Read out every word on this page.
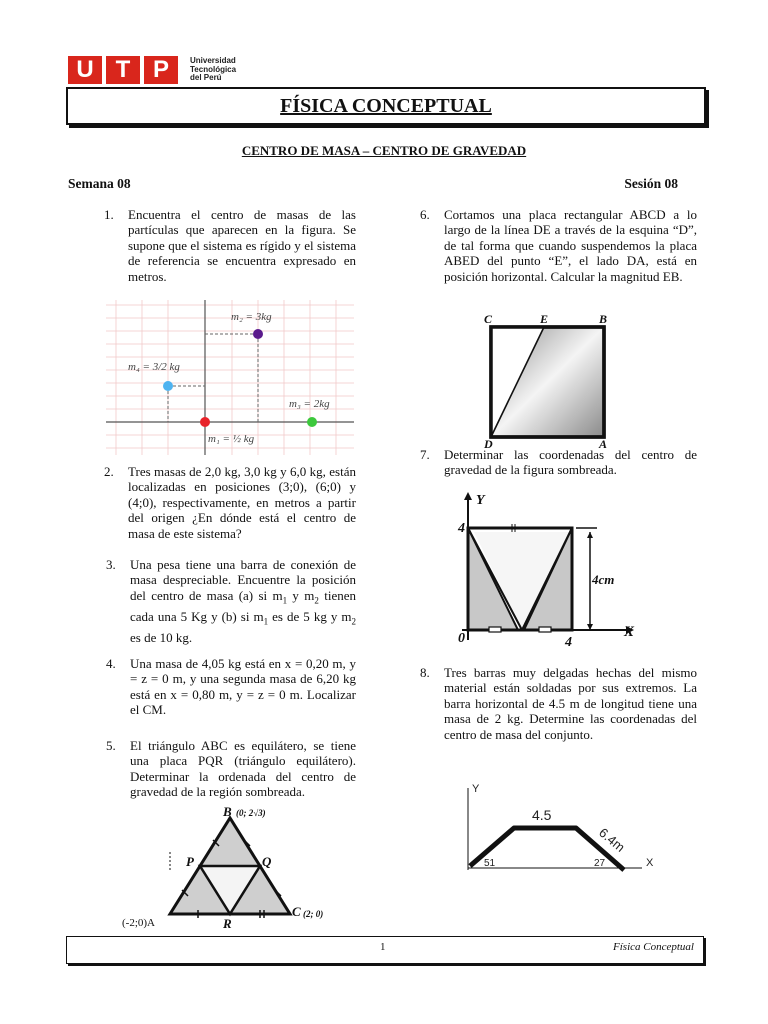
U T P	Universidad
Tecnológica
del Perú
FÍSICA CONCEPTUAL
CENTRO DE MASA – CENTRO DE GRAVEDAD
Semana 08	Sesión 08
1. Encuentra el centro de masas de las partículas que aparecen en la figura. Se supone que el sistema es rígido y el sistema de referencia se encuentra expresado en metros.
m₂ = 3kg
m₄ = 3/2 kg
m₃ = 2kg
m₁ = ½ kg
2. Tres masas de 2,0 kg, 3,0 kg y 6,0 kg, están localizadas en posiciones (3;0), (6;0) y (4;0), respectivamente, en metros a partir del origen ¿En dónde está el centro de masa de este sistema?
3. Una pesa tiene una barra de conexión de masa despreciable. Encuentre la posición del centro de masa (a) si $m_1$ y $m_2$ tienen cada una 5 Kg y (b) si $m_1$ es de 5 kg y $m_2$ es de 10 kg.
4. Una masa de 4,05 kg está en x = 0,20 m, y = z = 0 m, y una segunda masa de 6,20 kg está en x = 0,80 m, y = z = 0 m. Localizar el CM.
5. El triángulo ABC es equilátero, se tiene una placa PQR (triángulo equilátero). Determinar la ordenada del centro de gravedad de la región sombreada.
B (0; 2√3)
P	Q
R
C (2; 0)
(-2;0)A
6. Cortamos una placa rectangular ABCD a lo largo de la línea DE a través de la esquina “D”, de tal forma que cuando suspendemos la placa ABED del punto “E”, el lado DA, está en posición horizontal. Calcular la magnitud EB.
C	E	B
D	A
7. Determinar las coordenadas del centro de gravedad de la figura sombreada.
Y
4
0	4
X
4cm
8. Tres barras muy delgadas hechas del mismo material están soldadas por sus extremos. La barra horizontal de 4.5 m de longitud tiene una masa de 2 kg. Determine las coordenadas del centro de masa del conjunto.
Y
X
4.5
6.4m
51	27
1	Física Conceptual
